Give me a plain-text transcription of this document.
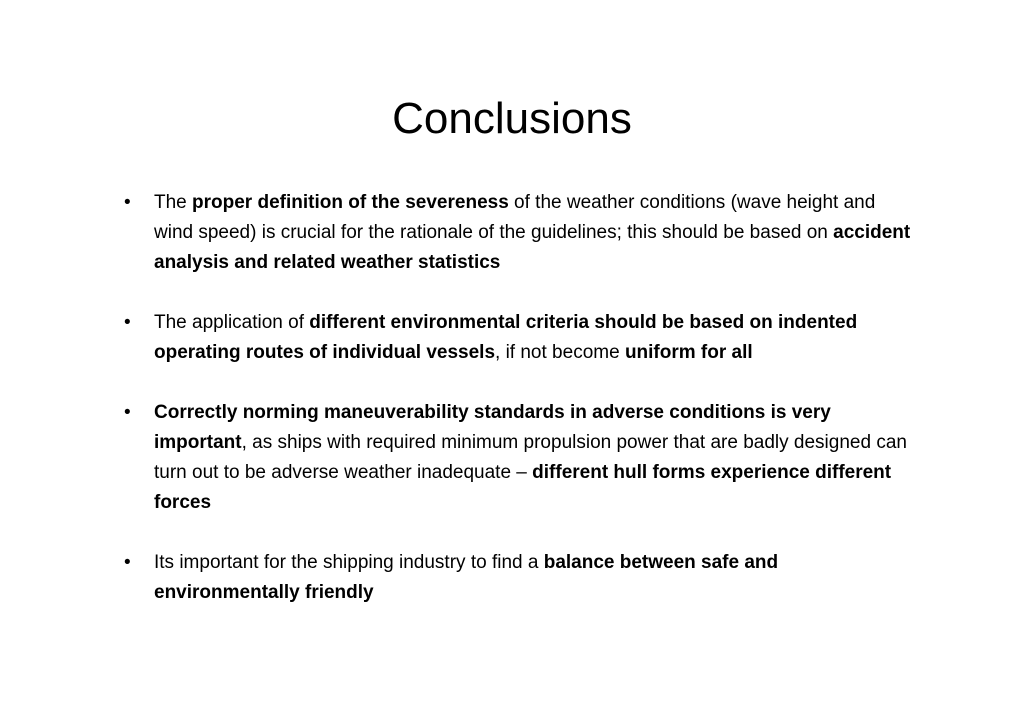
Conclusions
• The proper definition of the severeness of the weather conditions (wave height and wind speed) is crucial for the rationale of the guidelines; this should be based on accident analysis and related weather statistics
• The application of different environmental criteria should be based on indented operating routes of individual vessels, if not become uniform for all
• Correctly norming maneuverability standards in adverse conditions is very important, as ships with required minimum propulsion power that are badly designed can turn out to be adverse weather inadequate – different hull forms experience different forces
• Its important for the shipping industry to find a balance between safe and environmentally friendly
